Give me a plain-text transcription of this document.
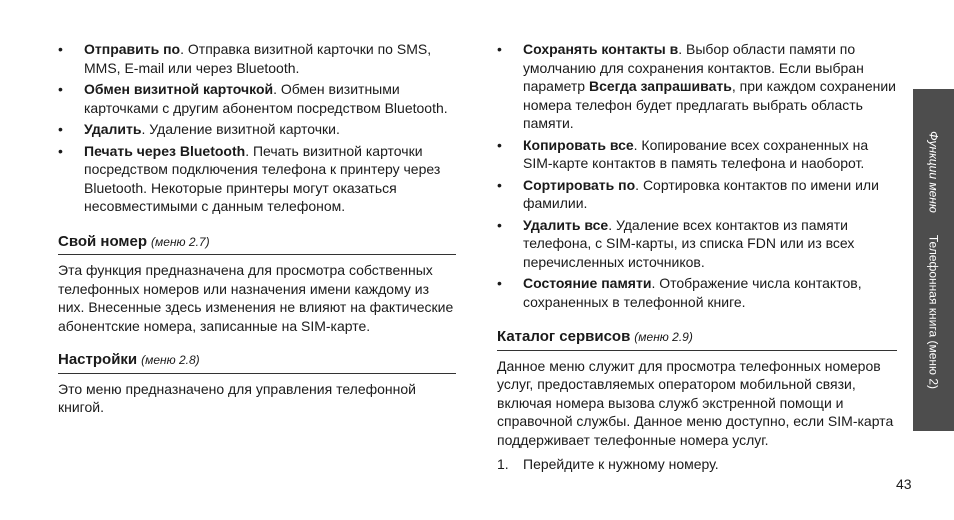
• Отправить по. Отправка визитной карточки по SMS, MMS, E-mail или через Bluetooth.
• Обмен визитной карточкой. Обмен визитными карточками с другим абонентом посредством Bluetooth.
• Удалить. Удаление визитной карточки.
• Печать через Bluetooth. Печать визитной карточки посредством подключения телефона к принтеру через Bluetooth. Некоторые принтеры могут оказаться несовместимыми с данным телефоном.
Свой номер (меню 2.7)

Эта функция предназначена для просмотра собственных телефонных номеров или назначения имени каждому из них. Внесенные здесь изменения не влияют на фактические абонентские номера, записанные на SIM-карте.

Настройки (меню 2.8)

Это меню предназначено для управления телефонной книгой.

• Сохранять контакты в. Выбор области памяти по умолчанию для сохранения контактов. Если выбран параметр Всегда запрашивать, при каждом сохранении номера телефон будет предлагать выбрать область памяти.
• Копировать все. Копирование всех сохраненных на SIM-карте контактов в память телефона и наоборот.
• Сортировать по. Сортировка контактов по имени или фамилии.
• Удалить все. Удаление всех контактов из памяти телефона, с SIM-карты, из списка FDN или из всех перечисленных источников.
• Состояние памяти. Отображение числа контактов, сохраненных в телефонной книге.
Каталог сервисов (меню 2.9)

Данное меню служит для просмотра телефонных номеров услуг, предоставляемых оператором мобильной связи, включая номера вызова служб экстренной помощи и справочной службы. Данное меню доступно, если SIM-карта поддерживает телефонные номера услуг.

1. Перейдите к нужному номеру.
Функции менюТелефонная книга (меню 2)
43
